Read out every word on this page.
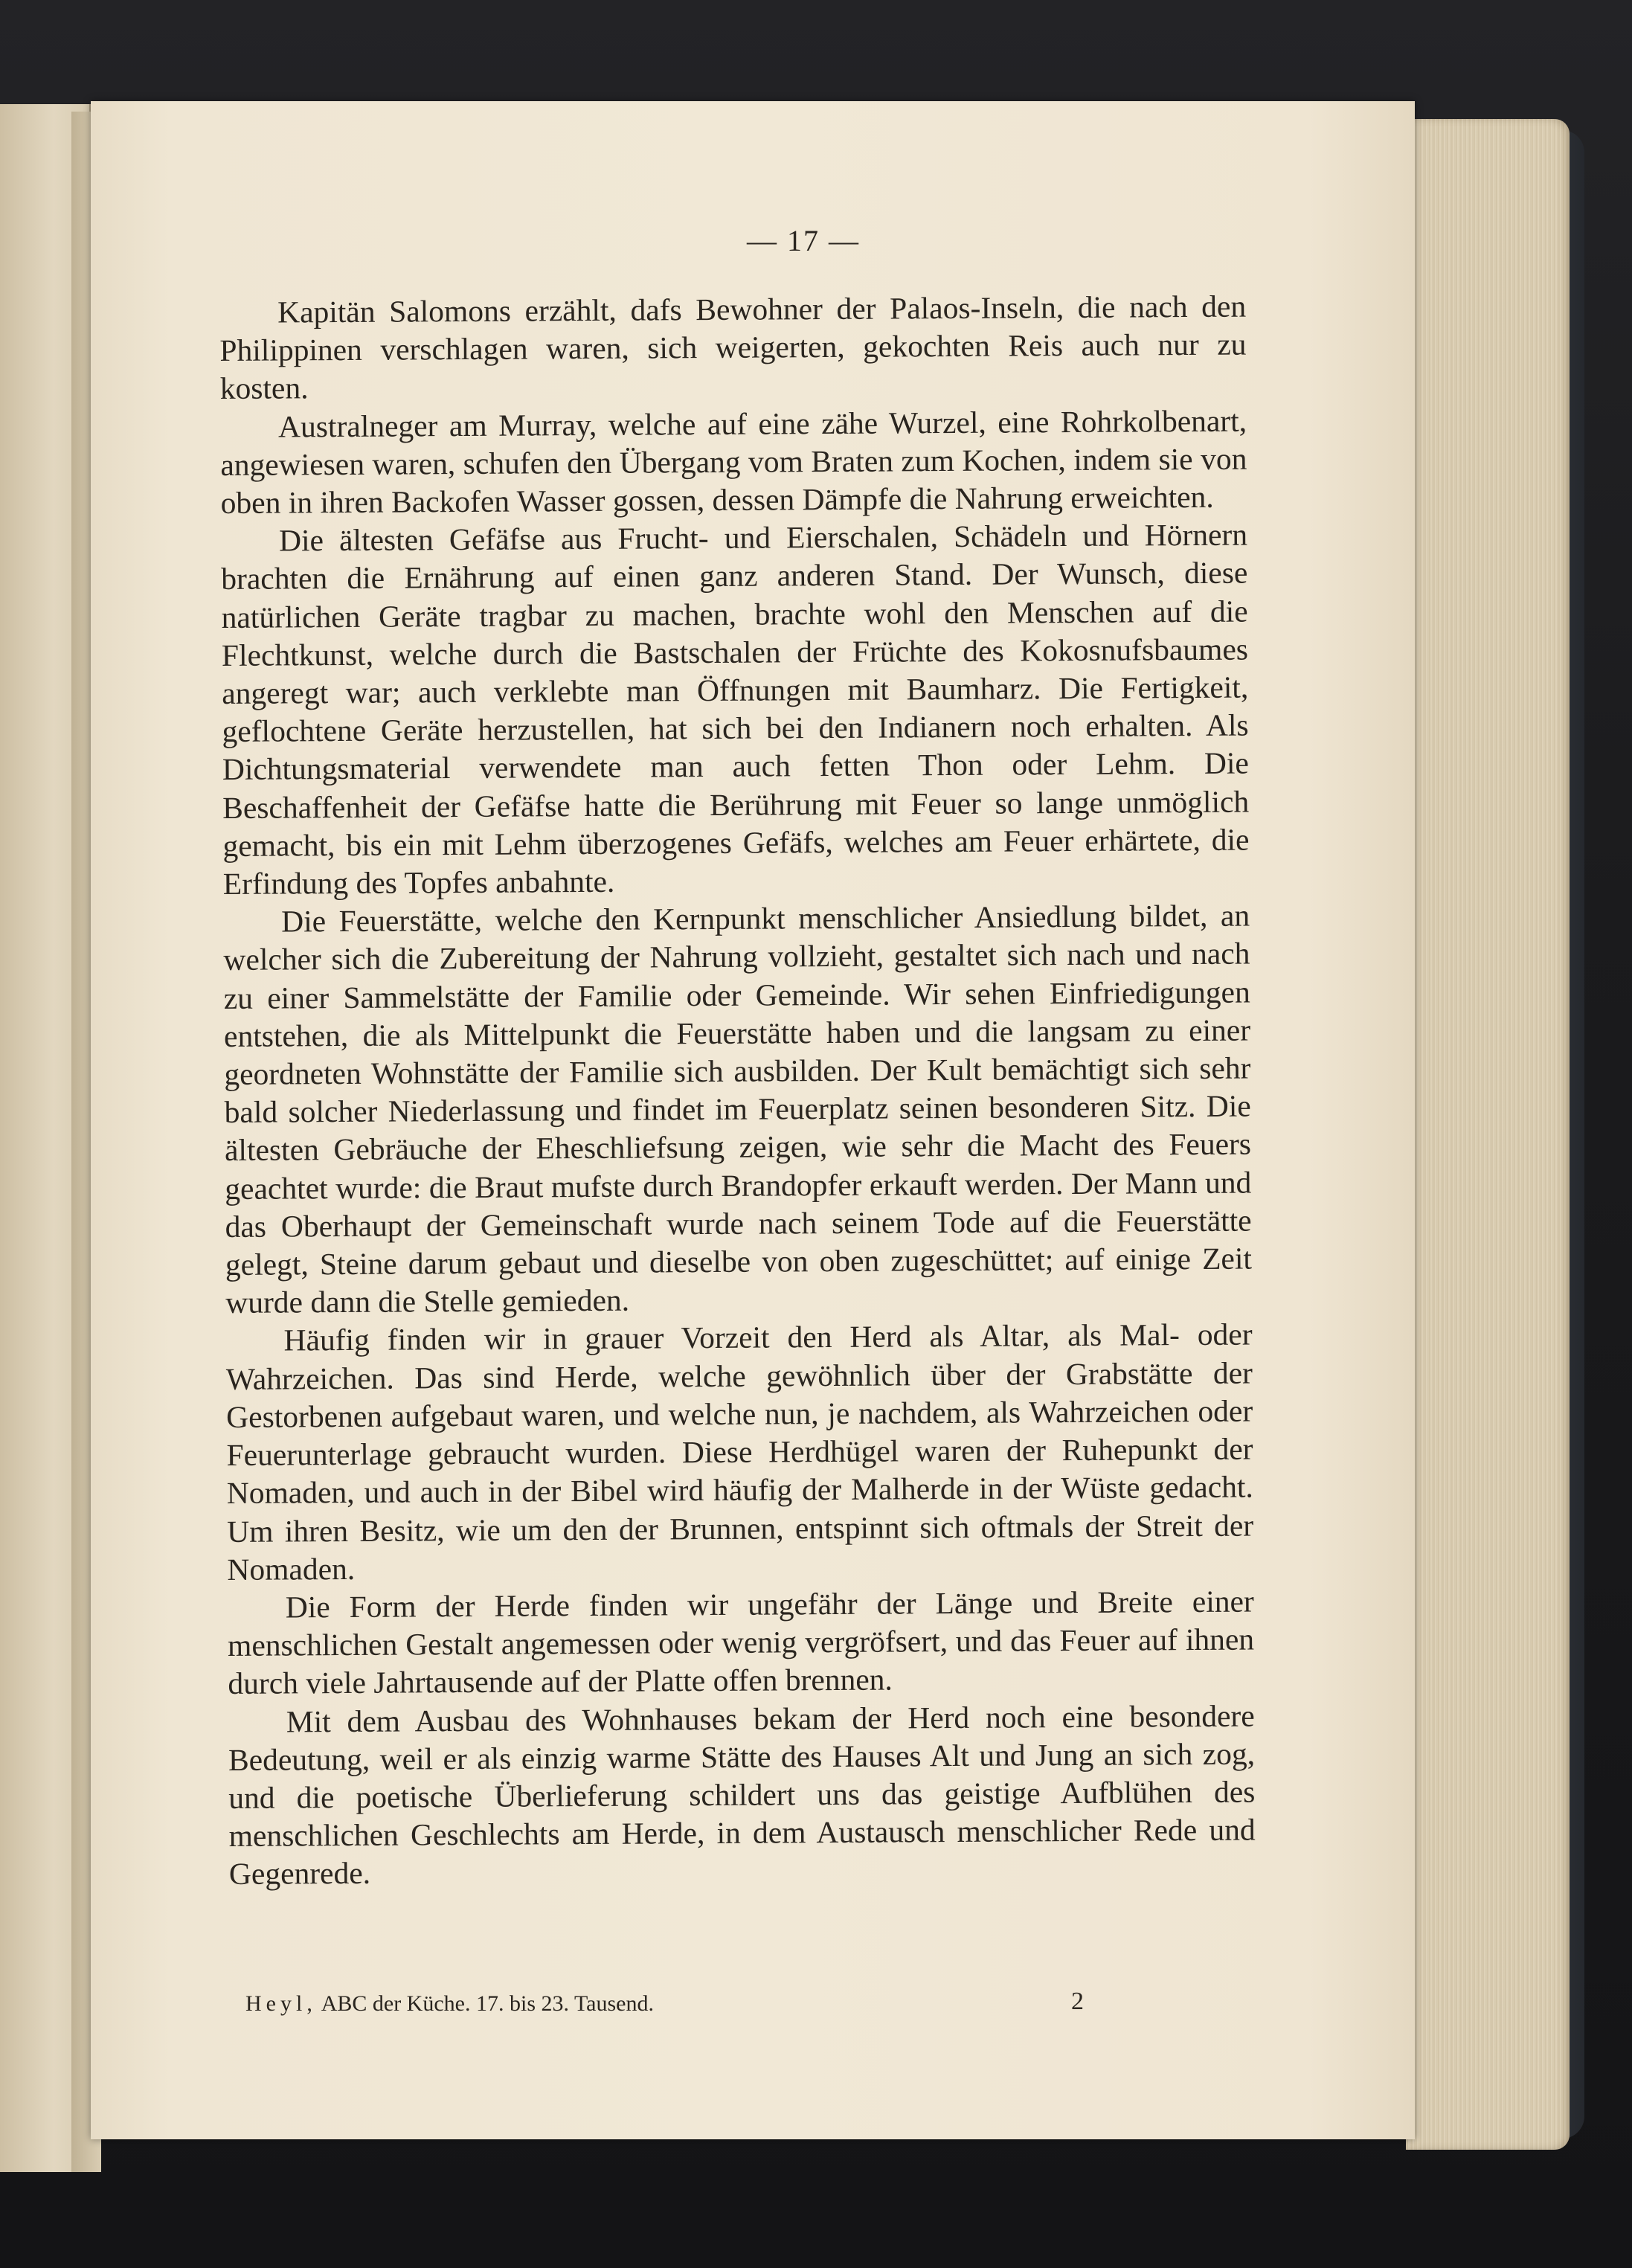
— 17 —

Kapitän Salomons erzählt, dafs Bewohner der Palaos-Inseln, die nach den Philippinen verschlagen waren, sich weigerten, gekochten Reis auch nur zu kosten.

Australneger am Murray, welche auf eine zähe Wurzel, eine Rohrkolbenart, angewiesen waren, schufen den Übergang vom Braten zum Kochen, indem sie von oben in ihren Backofen Wasser gossen, dessen Dämpfe die Nahrung erweichten.

Die ältesten Gefäfse aus Frucht- und Eierschalen, Schädeln und Hörnern brachten die Ernährung auf einen ganz anderen Stand. Der Wunsch, diese natürlichen Geräte tragbar zu machen, brachte wohl den Menschen auf die Flechtkunst, welche durch die Bastschalen der Früchte des Kokosnufsbaumes angeregt war; auch verklebte man Öffnungen mit Baumharz. Die Fertigkeit, geflochtene Geräte herzustellen, hat sich bei den Indianern noch erhalten. Als Dichtungsmaterial verwendete man auch fetten Thon oder Lehm. Die Beschaffenheit der Gefäfse hatte die Berührung mit Feuer so lange unmöglich gemacht, bis ein mit Lehm überzogenes Gefäfs, welches am Feuer erhärtete, die Erfindung des Topfes anbahnte.

Die Feuerstätte, welche den Kernpunkt menschlicher Ansiedlung bildet, an welcher sich die Zubereitung der Nahrung vollzieht, gestaltet sich nach und nach zu einer Sammelstätte der Familie oder Gemeinde. Wir sehen Einfriedigungen entstehen, die als Mittelpunkt die Feuerstätte haben und die langsam zu einer geordneten Wohnstätte der Familie sich ausbilden. Der Kult bemächtigt sich sehr bald solcher Niederlassung und findet im Feuerplatz seinen besonderen Sitz. Die ältesten Gebräuche der Eheschliefsung zeigen, wie sehr die Macht des Feuers geachtet wurde: die Braut mufste durch Brandopfer erkauft werden. Der Mann und das Oberhaupt der Gemeinschaft wurde nach seinem Tode auf die Feuerstätte gelegt, Steine darum gebaut und dieselbe von oben zugeschüttet; auf einige Zeit wurde dann die Stelle gemieden.

Häufig finden wir in grauer Vorzeit den Herd als Altar, als Mal- oder Wahrzeichen. Das sind Herde, welche gewöhnlich über der Grabstätte der Gestorbenen aufgebaut waren, und welche nun, je nachdem, als Wahrzeichen oder Feuerunterlage gebraucht wurden. Diese Herdhügel waren der Ruhepunkt der Nomaden, und auch in der Bibel wird häufig der Malherde in der Wüste gedacht. Um ihren Besitz, wie um den der Brunnen, entspinnt sich oftmals der Streit der Nomaden.

Die Form der Herde finden wir ungefähr der Länge und Breite einer menschlichen Gestalt angemessen oder wenig vergröfsert, und das Feuer auf ihnen durch viele Jahrtausende auf der Platte offen brennen.

Mit dem Ausbau des Wohnhauses bekam der Herd noch eine besondere Bedeutung, weil er als einzig warme Stätte des Hauses Alt und Jung an sich zog, und die poetische Überlieferung schildert uns das geistige Aufblühen des menschlichen Geschlechts am Herde, in dem Austausch menschlicher Rede und Gegenrede.

Heyl, ABC der Küche. 17. bis 23. Tausend.	2
